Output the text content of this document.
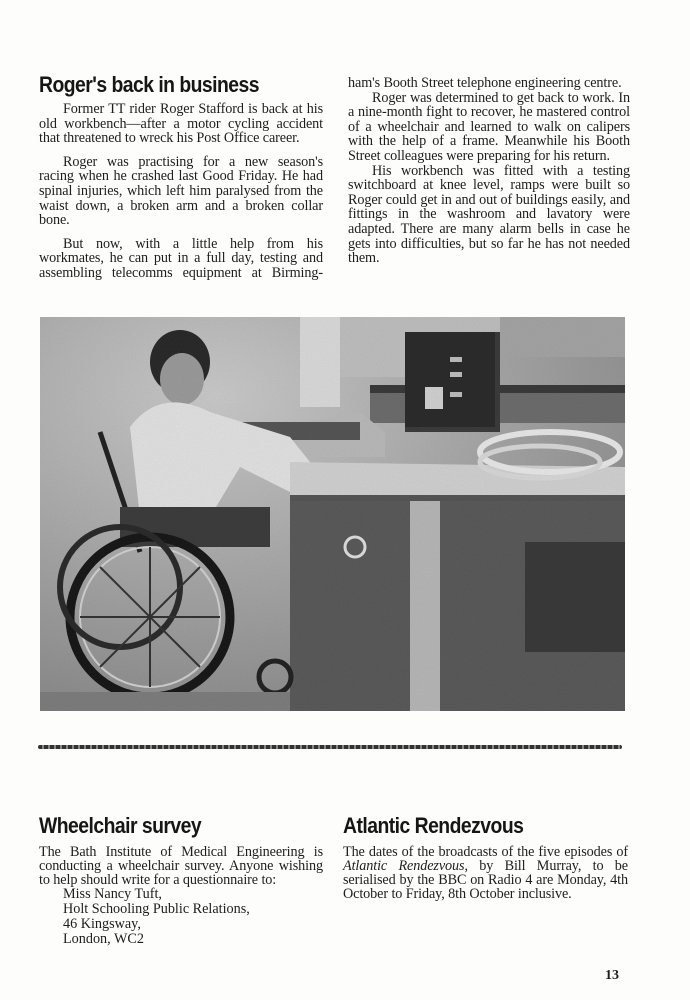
Roger's back in business

Former TT rider Roger Stafford is back at his old workbench—after a motor cycling accident that threatened to wreck his Post Office career.

Roger was practising for a new season's racing when he crashed last Good Friday. He had spinal injuries, which left him paralysed from the waist down, a broken arm and a broken collar bone.

But now, with a little help from his workmates, he can put in a full day, testing and assembling telecomms equipment at Birming-

ham's Booth Street telephone engineering centre.

Roger was determined to get back to work. In a nine-month fight to recover, he mastered control of a wheelchair and learned to walk on calipers with the help of a frame. Meanwhile his Booth Street colleagues were preparing for his return.

His workbench was fitted with a testing switchboard at knee level, ramps were built so Roger could get in and out of buildings easily, and fittings in the washroom and lavatory were adapted. There are many alarm bells in case he gets into difficulties, but so far he has not needed them.

Wheelchair survey

The Bath Institute of Medical Engineering is conducting a wheelchair survey. Anyone wishing to help should write for a questionnaire to:

Miss Nancy Tuft,
Holt Schooling Public Relations,
46 Kingsway,
London, WC2
Atlantic Rendezvous

The dates of the broadcasts of the five episodes of Atlantic Rendezvous, by Bill Murray, to be serialised by the BBC on Radio 4 are Monday, 4th October to Friday, 8th October inclusive.

13
